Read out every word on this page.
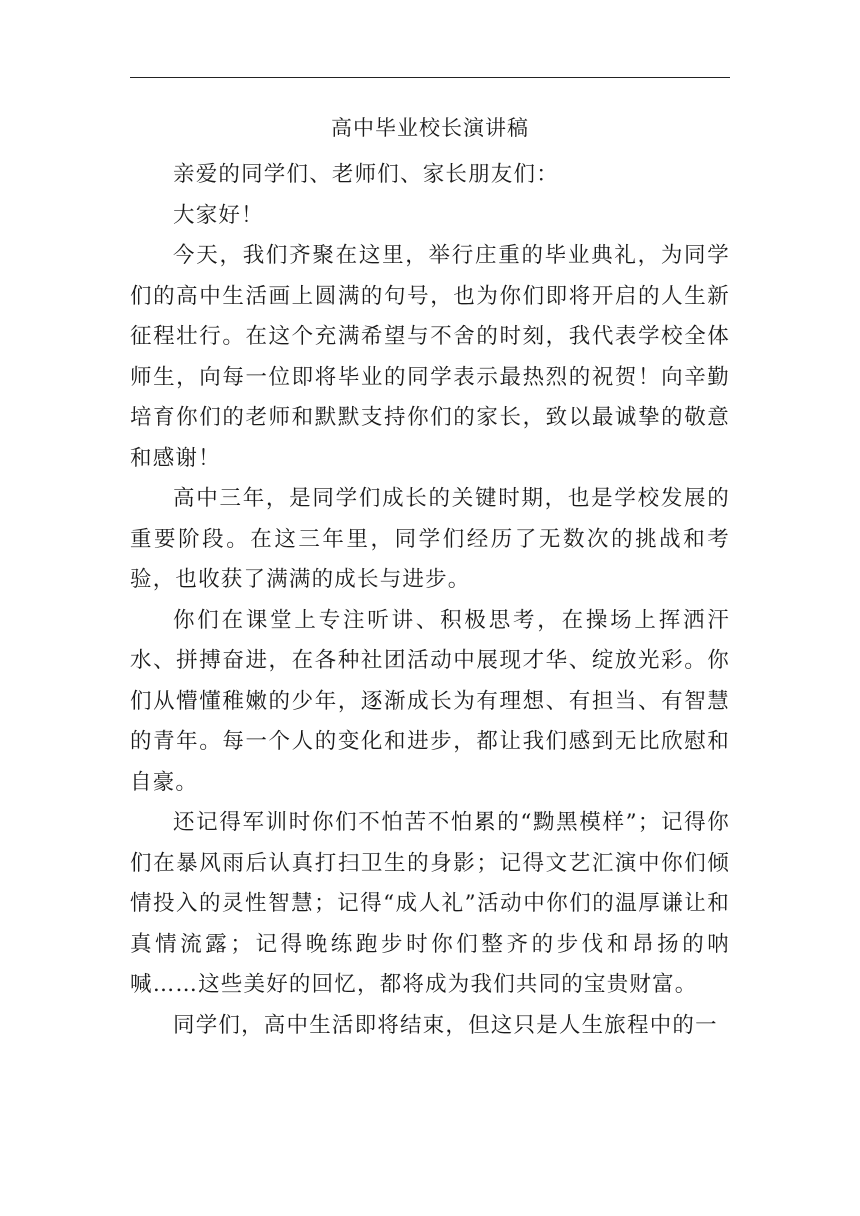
高中毕业校长演讲稿

亲爱的同学们、老师们、家长朋友们：

大家好！

今天，我们齐聚在这里，举行庄重的毕业典礼，为同学们的高中生活画上圆满的句号，也为你们即将开启的人生新征程壮行。在这个充满希望与不舍的时刻，我代表学校全体师生，向每一位即将毕业的同学表示最热烈的祝贺！向辛勤培育你们的老师和默默支持你们的家长，致以最诚挚的敬意和感谢！

高中三年，是同学们成长的关键时期，也是学校发展的重要阶段。在这三年里，同学们经历了无数次的挑战和考验，也收获了满满的成长与进步。

你们在课堂上专注听讲、积极思考，在操场上挥洒汗水、拼搏奋进，在各种社团活动中展现才华、绽放光彩。你们从懵懂稚嫩的少年，逐渐成长为有理想、有担当、有智慧的青年。每一个人的变化和进步，都让我们感到无比欣慰和自豪。

还记得军训时你们不怕苦不怕累的“黝黑模样”；记得你们在暴风雨后认真打扫卫生的身影；记得文艺汇演中你们倾情投入的灵性智慧；记得“成人礼”活动中你们的温厚谦让和真情流露；记得晚练跑步时你们整齐的步伐和昂扬的呐喊……这些美好的回忆，都将成为我们共同的宝贵财富。

同学们，高中生活即将结束，但这只是人生旅程中的一
